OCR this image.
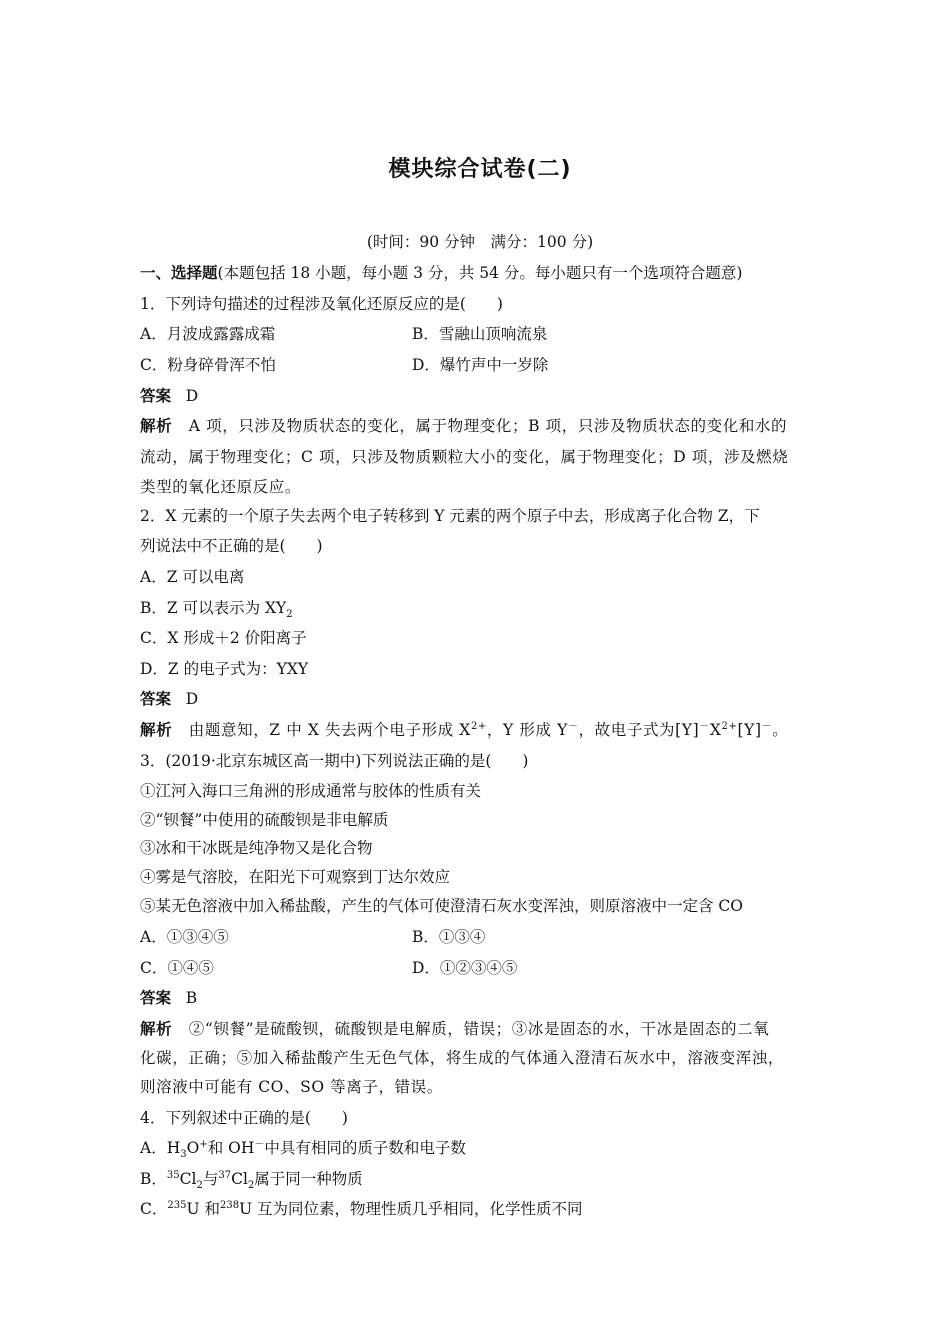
模块综合试卷(二)
(时间：90 分钟　满分：100 分)
一、选择题(本题包括 18 小题，每小题 3 分，共 54 分。每小题只有一个选项符合题意)
1．下列诗句描述的过程涉及氧化还原反应的是(　　)
A．月波成露露成霜	B．雪融山顶响流泉
C．粉身碎骨浑不怕	D．爆竹声中一岁除
答案 D
解析 A 项，只涉及物质状态的变化，属于物理变化；B 项，只涉及物质状态的变化和水的
流动，属于物理变化；C 项，只涉及物质颗粒大小的变化，属于物理变化；D 项，涉及燃烧
类型的氧化还原反应。
2．X 元素的一个原子失去两个电子转移到 Y 元素的两个原子中去，形成离子化合物 Z，下
列说法中不正确的是(　　)
A．Z 可以电离
B．Z 可以表示为 $XY_2$
C．X 形成＋2 价阳离子
D．Z 的电子式为：YXY
答案 D
解析 由题意知，Z 中 X 失去两个电子形成 $X^{2+}$，Y 形成 Y－，故电子式为$[Y]^-X^{2+}[Y]^-$。
3．(2019·北京东城区高一期中)下列说法正确的是(　　)
①江河入海口三角洲的形成通常与胶体的性质有关
②“钡餐”中使用的硫酸钡是非电解质
③冰和干冰既是纯净物又是化合物
④雾是气溶胶，在阳光下可观察到丁达尔效应
⑤某无色溶液中加入稀盐酸，产生的气体可使澄清石灰水变浑浊，则原溶液中一定含 CO
A．①③④⑤	B．①③④
C．①④⑤	D．①②③④⑤
答案 B
解析 ②“钡餐”是硫酸钡，硫酸钡是电解质，错误；③冰是固态的水，干冰是固态的二氧
化碳，正确；⑤加入稀盐酸产生无色气体，将生成的气体通入澄清石灰水中，溶液变浑浊，
则溶液中可能有 CO、SO 等离子，错误。
4．下列叙述中正确的是(　　)
A．$H_3O^+$和 OH－中具有相同的质子数和电子数
B．$^{35}Cl_2$与$^{37}Cl_2$属于同一种物质
C．$^{235}$U 和$^{238}$U 互为同位素，物理性质几乎相同，化学性质不同
